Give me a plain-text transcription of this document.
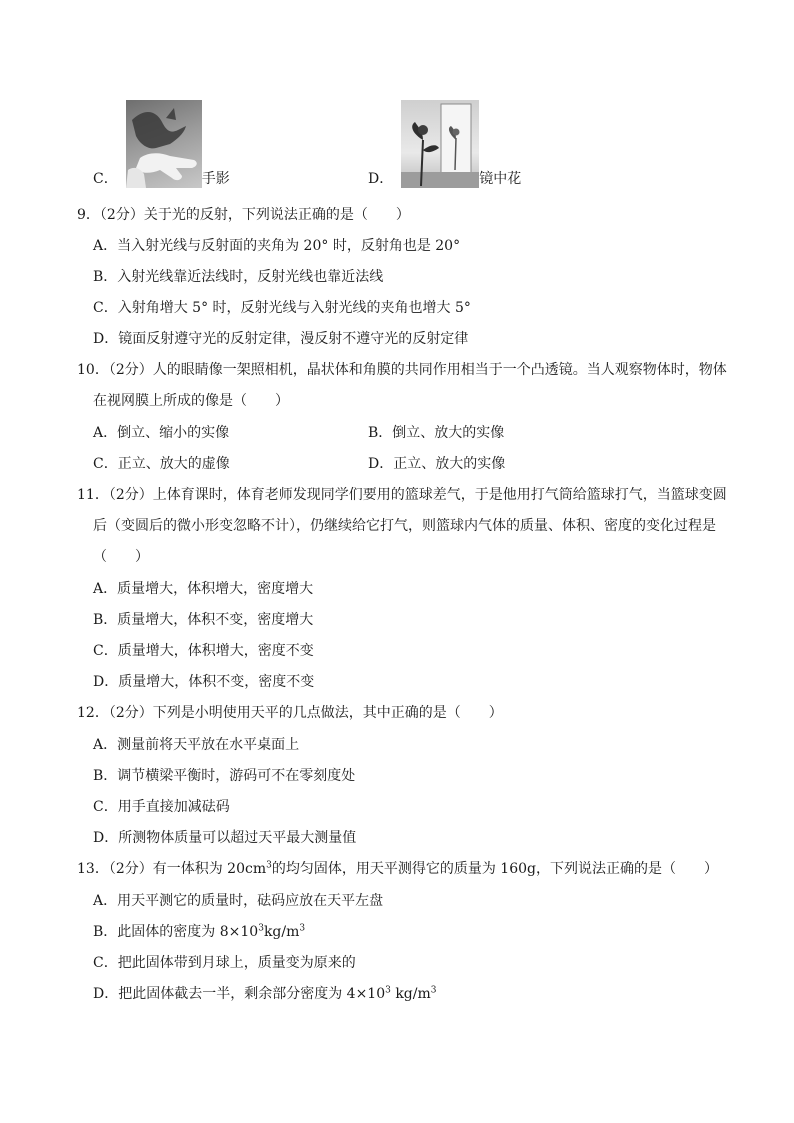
C．	手影	D．	镜中花
9．（2分）关于光的反射，下列说法正确的是（　　）
A．当入射光线与反射面的夹角为 20° 时，反射角也是 20°
B．入射光线靠近法线时，反射光线也靠近法线
C．入射角增大 5° 时，反射光线与入射光线的夹角也增大 5°
D．镜面反射遵守光的反射定律，漫反射不遵守光的反射定律
10．（2分）人的眼睛像一架照相机，晶状体和角膜的共同作用相当于一个凸透镜。当人观察物体时，物体
在视网膜上所成的像是（　　）
A．倒立、缩小的实像	B．倒立、放大的实像
C．正立、放大的虚像	D．正立、放大的实像
11．（2分）上体育课时，体育老师发现同学们要用的篮球差气，于是他用打气筒给篮球打气，当篮球变圆
后（变圆后的微小形变忽略不计），仍继续给它打气，则篮球内气体的质量、体积、密度的变化过程是
（　　）
A．质量增大，体积增大，密度增大
B．质量增大，体积不变，密度增大
C．质量增大，体积增大，密度不变
D．质量增大，体积不变，密度不变
12．（2分）下列是小明使用天平的几点做法，其中正确的是（　　）
A．测量前将天平放在水平桌面上
B．调节横梁平衡时，游码可不在零刻度处
C．用手直接加减砝码
D．所测物体质量可以超过天平最大测量值
13．（2分）有一体积为 $20cm^3$的均匀固体，用天平测得它的质量为 160g，下列说法正确的是（　　）
A．用天平测它的质量时，砝码应放在天平左盘
B．此固体的密度为 $8\times 10^3kg/m^3$
C．把此固体带到月球上，质量变为原来的
D．把此固体截去一半，剩余部分密度为 $4\times 10^3$ $kg/m^3$
